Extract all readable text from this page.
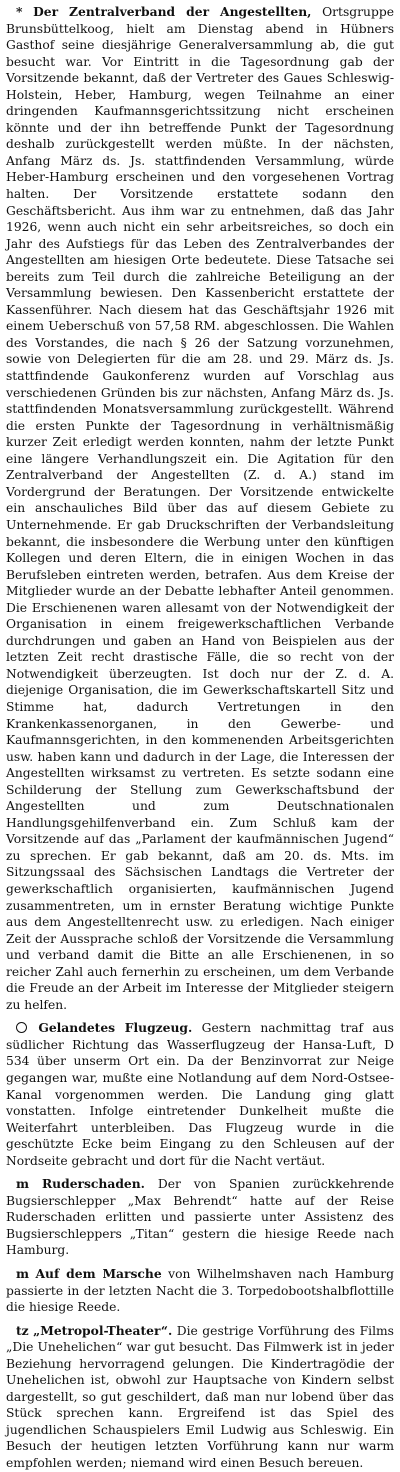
* Der Zentralverband der Angestellten, Ortsgruppe Brunsbüttelkoog, hielt am Dienstag abend in Hübners Gasthof seine diesjährige Generalversammlung ab, die gut besucht war. Vor Eintritt in die Tagesordnung gab der Vorsitzende bekannt, daß der Vertreter des Gaues Schleswig-Holstein, Heber, Hamburg, wegen Teilnahme an einer dringenden Kaufmannsgerichtssitzung nicht erscheinen könnte und der ihn betreffende Punkt der Tagesordnung deshalb zurückgestellt werden müßte. In der nächsten, Anfang März ds. Js. stattfindenden Versammlung, würde Heber-Hamburg erscheinen und den vorgesehenen Vortrag halten. Der Vorsitzende erstattete sodann den Geschäftsbericht. Aus ihm war zu entnehmen, daß das Jahr 1926, wenn auch nicht ein sehr arbeitsreiches, so doch ein Jahr des Aufstiegs für das Leben des Zentralverbandes der Angestellten am hiesigen Orte bedeutete. Diese Tatsache sei bereits zum Teil durch die zahlreiche Beteiligung an der Versammlung bewiesen. Den Kassenbericht erstattete der Kassenführer. Nach diesem hat das Geschäftsjahr 1926 mit einem Ueberschuß von 57,58 RM. abgeschlossen. Die Wahlen des Vorstandes, die nach § 26 der Satzung vorzunehmen, sowie von Delegierten für die am 28. und 29. März ds. Js. stattfindende Gaukonferenz wurden auf Vorschlag aus verschiedenen Gründen bis zur nächsten, Anfang März ds. Js. stattfindenden Monatsversammlung zurückgestellt. Während die ersten Punkte der Tagesordnung in verhältnismäßig kurzer Zeit erledigt werden konnten, nahm der letzte Punkt eine längere Verhandlungszeit ein. Die Agitation für den Zentralverband der Angestellten (Z. d. A.) stand im Vordergrund der Beratungen. Der Vorsitzende entwickelte ein anschauliches Bild über das auf diesem Gebiete zu Unternehmende. Er gab Druckschriften der Verbandsleitung bekannt, die insbesondere die Werbung unter den künftigen Kollegen und deren Eltern, die in einigen Wochen in das Berufsleben eintreten werden, betrafen. Aus dem Kreise der Mitglieder wurde an der Debatte lebhafter Anteil genommen. Die Erschienenen waren allesamt von der Notwendigkeit der Organisation in einem freigewerkschaftlichen Verbande durchdrungen und gaben an Hand von Beispielen aus der letzten Zeit recht drastische Fälle, die so recht von der Notwendigkeit überzeugten. Ist doch nur der Z. d. A. diejenige Organisation, die im Gewerkschaftskartell Sitz und Stimme hat, dadurch Vertretungen in den Krankenkassenorganen, in den Gewerbe- und Kaufmannsgerichten, in den kommenenden Arbeitsgerichten usw. haben kann und dadurch in der Lage, die Interessen der Angestellten wirksamst zu vertreten. Es setzte sodann eine Schilderung der Stellung zum Gewerkschaftsbund der Angestellten und zum Deutschnationalen Handlungsgehilfenverband ein. Zum Schluß kam der Vorsitzende auf das „Parlament der kaufmännischen Jugend“ zu sprechen. Er gab bekannt, daß am 20. ds. Mts. im Sitzungssaal des Sächsischen Landtags die Vertreter der gewerkschaftlich organisierten, kaufmännischen Jugend zusammentreten, um in ernster Beratung wichtige Punkte aus dem Angestelltenrecht usw. zu erledigen. Nach einiger Zeit der Aussprache schloß der Vorsitzende die Versammlung und verband damit die Bitte an alle Erschienenen, in so reicher Zahl auch fernerhin zu erscheinen, um dem Verbande die Freude an der Arbeit im Interesse der Mitglieder steigern zu helfen.

Gelandetes Flugzeug. Gestern nachmittag traf aus südlicher Richtung das Wasserflugzeug der Hansa-Luft, D 534 über unserm Ort ein. Da der Benzinvorrat zur Neige gegangen war, mußte eine Notlandung auf dem Nord-Ostsee-Kanal vorgenommen werden. Die Landung ging glatt vonstatten. Infolge eintretender Dunkelheit mußte die Weiterfahrt unterbleiben. Das Flugzeug wurde in die geschützte Ecke beim Eingang zu den Schleusen auf der Nordseite gebracht und dort für die Nacht vertäut.

m Ruderschaden. Der von Spanien zurückkehrende Bugsierschlepper „Max Behrendt“ hatte auf der Reise Ruderschaden erlitten und passierte unter Assistenz des Bugsierschleppers „Titan“ gestern die hiesige Reede nach Hamburg.

m Auf dem Marsche von Wilhelmshaven nach Hamburg passierte in der letzten Nacht die 3. Torpedobootshalbflottille die hiesige Reede.

tz „Metropol-Theater“. Die gestrige Vorführung des Films „Die Unehelichen“ war gut besucht. Das Filmwerk ist in jeder Beziehung hervorragend gelungen. Die Kindertragödie der Unehelichen ist, obwohl zur Hauptsache von Kindern selbst dargestellt, so gut geschildert, daß man nur lobend über das Stück sprechen kann. Ergreifend ist das Spiel des jugendlichen Schauspielers Emil Ludwig aus Schleswig. Ein Besuch der heutigen letzten Vorführung kann nur warm empfohlen werden; niemand wird einen Besuch bereuen.
